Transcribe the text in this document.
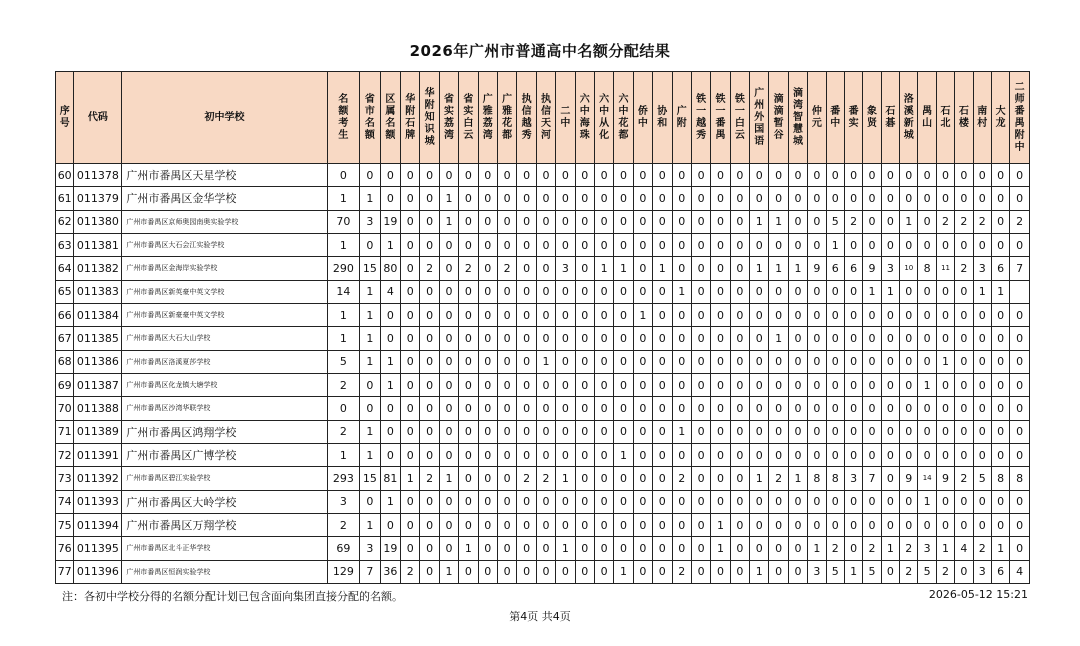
2026年广州市普通高中名额分配结果
序号	代码	初中学校	名额考生	省市名额	区属名额	华附石牌	华附知识城	省实荔湾	省实白云	广雅荔湾	广雅花都	执信越秀	执信天河	二中	六中海珠	六中从化	六中花都	侨中	协和	广附	铁一越秀	铁一番禺	铁一白云	广州外国语	滴滴暂谷	滴湾智慧城	仲元	番中	番实	象贤	石碁	洛溪新城	禺山	石北	石楼	南村	大龙	二师番禺附中
60	011378	广州市番禺区天星学校	0	0	0	0	0	0	0	0	0	0	0	0	0	0	0	0	0	0	0	0	0	0	0	0	0	0	0	0	0	0	0	0	0	0	0	0
61	011379	广州市番禺区金华学校	1	1	0	0	0	1	0	0	0	0	0	0	0	0	0	0	0	0	0	0	0	0	0	0	0	0	0	0	0	0	0	0	0	0	0	0
62	011380	广州市番禺区京师奥园南奥实验学校	70	3	19	0	0	1	0	0	0	0	0	0	0	0	0	0	0	0	0	0	0	1	1	0	0	5	2	0	0	1	0	2	2	2	0	2
63	011381	广州市番禺区大石会江实验学校	1	0	1	0	0	0	0	0	0	0	0	0	0	0	0	0	0	0	0	0	0	0	0	0	0	1	0	0	0	0	0	0	0	0	0	0
64	011382	广州市番禺区金海岸实验学校	290	15	80	0	2	0	2	0	2	0	0	3	0	1	1	0	1	0	0	0	0	1	1	1	9	6	6	9	3	10	8	11	2	3	6	7
65	011383	广州市番禺区新英豪中英文学校	14	1	4	0	0	0	0	0	0	0	0	0	0	0	0	0	0	1	0	0	0	0	0	0	0	0	0	1	1	0	0	0	0	1	1	
66	011384	广州市番禺区新豪豪中英文学校	1	1	0	0	0	0	0	0	0	0	0	0	0	0	0	1	0	0	0	0	0	0	0	0	0	0	0	0	0	0	0	0	0	0	0	0
67	011385	广州市番禺区大石大山学校	1	1	0	0	0	0	0	0	0	0	0	0	0	0	0	0	0	0	0	0	0	0	1	0	0	0	0	0	0	0	0	0	0	0	0	0
68	011386	广州市番禺区洛溪夏莎学校	5	1	1	0	0	0	0	0	0	0	1	0	0	0	0	0	0	0	0	0	0	0	0	0	0	0	0	0	0	0	0	1	0	0	0	0
69	011387	广州市番禺区化龙镇大塘学校	2	0	1	0	0	0	0	0	0	0	0	0	0	0	0	0	0	0	0	0	0	0	0	0	0	0	0	0	0	0	1	0	0	0	0	0
70	011388	广州市番禺区沙湾华联学校	0	0	0	0	0	0	0	0	0	0	0	0	0	0	0	0	0	0	0	0	0	0	0	0	0	0	0	0	0	0	0	0	0	0	0	0
71	011389	广州市番禺区鸿翔学校	2	1	0	0	0	0	0	0	0	0	0	0	0	0	0	0	0	1	0	0	0	0	0	0	0	0	0	0	0	0	0	0	0	0	0	0
72	011391	广州市番禺区广博学校	1	1	0	0	0	0	0	0	0	0	0	0	0	0	1	0	0	0	0	0	0	0	0	0	0	0	0	0	0	0	0	0	0	0	0	0
73	011392	广州市番禺区碧江实验学校	293	15	81	1	2	1	0	0	0	2	2	1	0	0	0	0	0	2	0	0	0	1	2	1	8	8	3	7	0	9	14	9	2	5	8	8
74	011393	广州市番禺区大岭学校	3	0	1	0	0	0	0	0	0	0	0	0	0	0	0	0	0	0	0	0	0	0	0	0	0	0	0	0	0	0	1	0	0	0	0	0
75	011394	广州市番禺区万翔学校	2	1	0	0	0	0	0	0	0	0	0	0	0	0	0	0	0	0	0	1	0	0	0	0	0	0	0	0	0	0	0	0	0	0	0	0
76	011395	广州市番禺区北斗正华学校	69	3	19	0	0	0	1	0	0	0	0	1	0	0	0	0	0	0	0	1	0	0	0	0	1	2	0	2	1	2	3	1	4	2	1	0
77	011396	广州市番禺区恒润实验学校	129	7	36	2	0	1	0	0	0	0	0	0	0	0	1	0	0	2	0	0	0	1	0	0	3	5	1	5	0	2	5	2	0	3	6	4
注：各初中学校分得的名额分配计划已包含面向集团直接分配的名额。	2026-05-12 15:21
第4页 共4页
